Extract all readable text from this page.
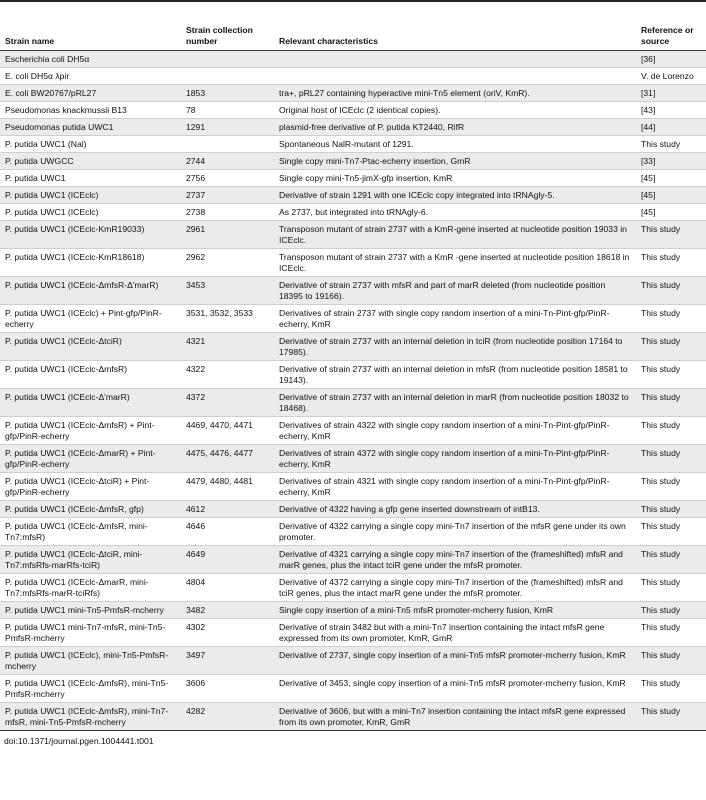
Strain name	Strain collection number	Relevant characteristics	Reference or source
Escherichia coli DH5α			[36]
E. coli DH5α λpir			V. de Lorenzo
E. coli BW20767/pRL27	1853	tra+, pRL27 containing hyperactive mini-Tn5 element (oriV, KmR).	[31]
Pseudomonas knackmussii B13	78	Original host of ICEclc (2 identical copies).	[43]
Pseudomonas putida UWC1	1291	plasmid-free derivative of P. putida KT2440, RifR	[44]
P. putida UWC1 (Nal)		Spontaneous NalR-mutant of 1291.	This study
P. putida UWGCC	2744	Single copy mini-Tn7-Ptac-echerry insertion, GmR	[33]
P. putida UWC1	2756	Single copy mini-Tn5-jimX-gfp insertion, KmR	[45]
P. putida UWC1 (ICEclc)	2737	Derivative of strain 1291 with one ICEclc copy integrated into tRNAgly-5.	[45]
P. putida UWC1 (ICEclc)	2738	As 2737, but integrated into tRNAgly-6.	[45]
P. putida UWC1 (ICEclc-KmR19033)	2961	Transposon mutant of strain 2737 with a KmR-gene inserted at nucleotide position 19033 in ICEclc.	This study
P. putida UWC1 (ICEclc-KmR18618)	2962	Transposon mutant of strain 2737 with a KmR -gene inserted at nucleotide position 18618 in ICEclc.	This study
P. putida UWC1 (ICEclc-ΔmfsR-Δ'marR)	3453	Derivative of strain 2737 with mfsR and part of marR deleted (from nucleotide position 18395 to 19166).	This study
P. putida UWC1 (ICEclc) + Pint-gfp/PinR-echerry	3531, 3532, 3533	Derivatives of strain 2737 with single copy random insertion of a mini-Tn-Pint-gfp/PinR-echerry, KmR	This study
P. putida UWC1 (ICEclc-ΔtciR)	4321	Derivative of strain 2737 with an internal deletion in tciR (from nucleotide position 17164 to 17985).	This study
P. putida UWC1 (ICEclc-ΔmfsR)	4322	Derivative of strain 2737 with an internal deletion in mfsR (from nucleotide position 18581 to 19143).	This study
P. putida UWC1 (ICEclc-Δ'marR)	4372	Derivative of strain 2737 with an internal deletion in marR (from nucleotide position 18032 to 18468).	This study
P. putida UWC1 (ICEclc-ΔmfsR) + Pint-gfp/PinR-echerry	4469, 4470, 4471	Derivatives of strain 4322 with single copy random insertion of a mini-Tn-Pint-gfp/PinR-echerry, KmR	This study
P. putida UWC1 (ICEclc-ΔmarR) + Pint-gfp/PinR-echerry	4475, 4476, 4477	Derivatives of strain 4372 with single copy random insertion of a mini-Tn-Pint-gfp/PinR-echerry, KmR	This study
P. putida UWC1 (ICEclc-ΔtciR) + Pint-gfp/PinR-echerry	4479, 4480, 4481	Derivatives of strain 4321 with single copy random insertion of a mini-Tn-Pint-gfp/PinR-echerry, KmR	This study
P. putida UWC1 (ICEclc-ΔmfsR, gfp)	4612	Derivative of 4322 having a gfp gene inserted downstream of intB13.	This study
P. putida UWC1 (ICEclc-ΔmfsR, mini-Tn7:mfsR)	4646	Derivative of 4322 carrying a single copy mini-Tn7 insertion of the mfsR gene under its own promoter.	This study
P. putida UWC1 (ICEclc-ΔtciR, mini-Tn7:mfsRfs-marRfs-tciR)	4649	Derivative of 4321 carrying a single copy mini-Tn7 insertion of the (frameshifted) mfsR and marR genes, plus the intact tciR gene under the mfsR promoter.	This study
P. putida UWC1 (ICEclc-ΔmarR, mini-Tn7:mfsRfs-marR-tciRfs)	4804	Derivative of 4372 carrying a single copy mini-Tn7 insertion of the (frameshifted) mfsR and tciR genes, plus the intact marR gene under the mfsR promoter.	This study
P. putida UWC1 mini-Tn5-PmfsR-mcherry	3482	Single copy insertion of a mini-Tn5 mfsR promoter-mcherry fusion, KmR	This study
P. putida UWC1 mini-Tn7-mfsR, mini-Tn5-PmfsR-mcherry	4302	Derivative of strain 3482 but with a mini-Tn7 insertion containing the intact mfsR gene expressed from its own promoter, KmR, GmR	This study
P. putida UWC1 (ICEclc), mini-Tn5-PmfsR-mcherry	3497	Derivative of 2737, single copy insertion of a mini-Tn5 mfsR promoter-mcherry fusion, KmR	This study
P. putida UWC1 (ICEclc-ΔmfsR), mini-Tn5-PmfsR-mcherry	3606	Derivative of 3453, single copy insertion of a mini-Tn5 mfsR promoter-mcherry fusion, KmR	This study
P. putida UWC1 (ICEclc-ΔmfsR), mini-Tn7-mfsR, mini-Tn5-PmfsR-mcherry	4282	Derivative of 3606, but with a mini-Tn7 insertion containing the intact mfsR gene expressed from its own promoter, KmR, GmR	This study
doi:10.1371/journal.pgen.1004441.t001
